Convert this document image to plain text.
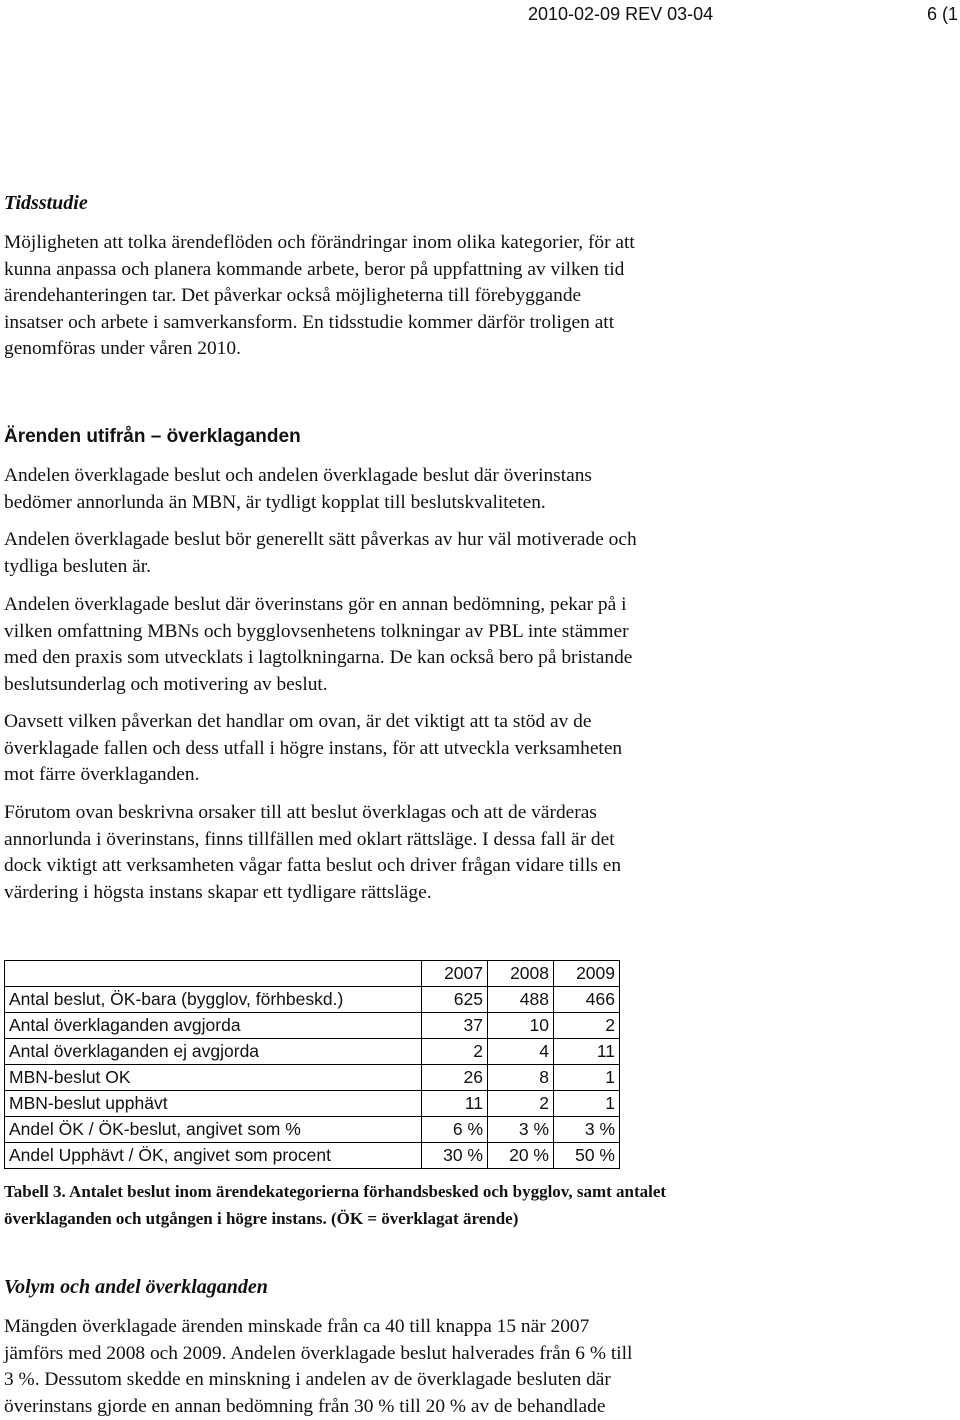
2010-02-09 REV 03-04	6 (1
Tidsstudie

Möjligheten att tolka ärendeflöden och förändringar inom olika kategorier, för att
kunna anpassa och planera kommande arbete, beror på uppfattning av vilken tid
ärendehanteringen tar. Det påverkar också möjligheterna till förebyggande
insatser och arbete i samverkansform. En tidsstudie kommer därför troligen att
genomföras under våren 2010.

Ärenden utifrån – överklaganden

Andelen överklagade beslut och andelen överklagade beslut där överinstans
bedömer annorlunda än MBN, är tydligt kopplat till beslutskvaliteten.

Andelen överklagade beslut bör generellt sätt påverkas av hur väl motiverade och
tydliga besluten är.

Andelen överklagade beslut där överinstans gör en annan bedömning, pekar på i
vilken omfattning MBNs och bygglovsenhetens tolkningar av PBL inte stämmer
med den praxis som utvecklats i lagtolkningarna. De kan också bero på bristande
beslutsunderlag och motivering av beslut.

Oavsett vilken påverkan det handlar om ovan, är det viktigt att ta stöd av de
överklagade fallen och dess utfall i högre instans, för att utveckla verksamheten
mot färre överklaganden.

Förutom ovan beskrivna orsaker till att beslut överklagas och att de värderas
annorlunda i överinstans, finns tillfällen med oklart rättsläge. I dessa fall är det
dock viktigt att verksamheten vågar fatta beslut och driver frågan vidare tills en
värdering i högsta instans skapar ett tydligare rättsläge.

	2007	2008	2009
Antal beslut, ÖK-bara (bygglov, förhbeskd.)	625	488	466
Antal överklaganden avgjorda	37	10	2
Antal överklaganden ej avgjorda	2	4	11
MBN-beslut OK	26	8	1
MBN-beslut upphävt	11	2	1
Andel ÖK / ÖK-beslut, angivet som %	6 %	3 %	3 %
Andel Upphävt / ÖK, angivet som procent	30 %	20 %	50 %

Tabell 3. Antalet beslut inom ärendekategorierna förhandsbesked och bygglov, samt antalet
överklaganden och utgången i högre instans. (ÖK = överklagat ärende)

Volym och andel överklaganden

Mängden överklagade ärenden minskade från ca 40 till knappa 15 när 2007
jämförs med 2008 och 2009. Andelen överklagade beslut halverades från 6 % till
3 %. Dessutom skedde en minskning i andelen av de överklagade besluten där
överinstans gjorde en annan bedömning från 30 % till 20 % av de behandlade
